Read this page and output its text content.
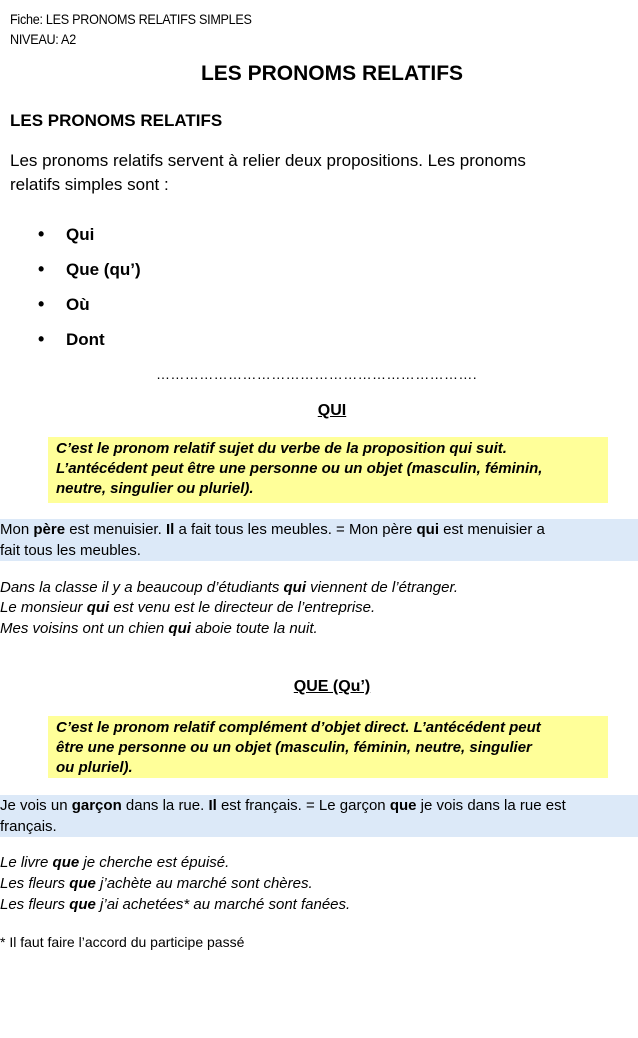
Fiche: LES PRONOMS RELATIFS SIMPLES
NIVEAU: A2
LES PRONOMS RELATIFS
LES PRONOMS RELATIFS
Les pronoms relatifs servent à relier deux propositions. Les pronoms
relatifs simples sont :
•	Qui
•	Que (qu’)
•	Où
•	Dont
………………………………………………………….
QUI
C’est le pronom relatif sujet du verbe de la proposition qui suit.
L’antécédent peut être une personne ou un objet (masculin, féminin,
neutre, singulier ou pluriel).
Mon père est menuisier. Il a fait tous les meubles. = Mon père qui est menuisier a
fait tous les meubles.
Dans la classe il y a beaucoup d’étudiants qui viennent de l’étranger.
Le monsieur qui est venu est le directeur de l’entreprise.
Mes voisins ont un chien qui aboie toute la nuit.
QUE (Qu’)
C’est le pronom relatif complément d’objet direct. L’antécédent peut
être une personne ou un objet (masculin, féminin, neutre, singulier
ou pluriel).
Je vois un garçon dans la rue. Il est français. = Le garçon que je vois dans la rue est
français.
Le livre que je cherche est épuisé.
Les fleurs que j’achète au marché sont chères.
Les fleurs que j’ai achetées* au marché sont fanées.
* Il faut faire l’accord du participe passé
